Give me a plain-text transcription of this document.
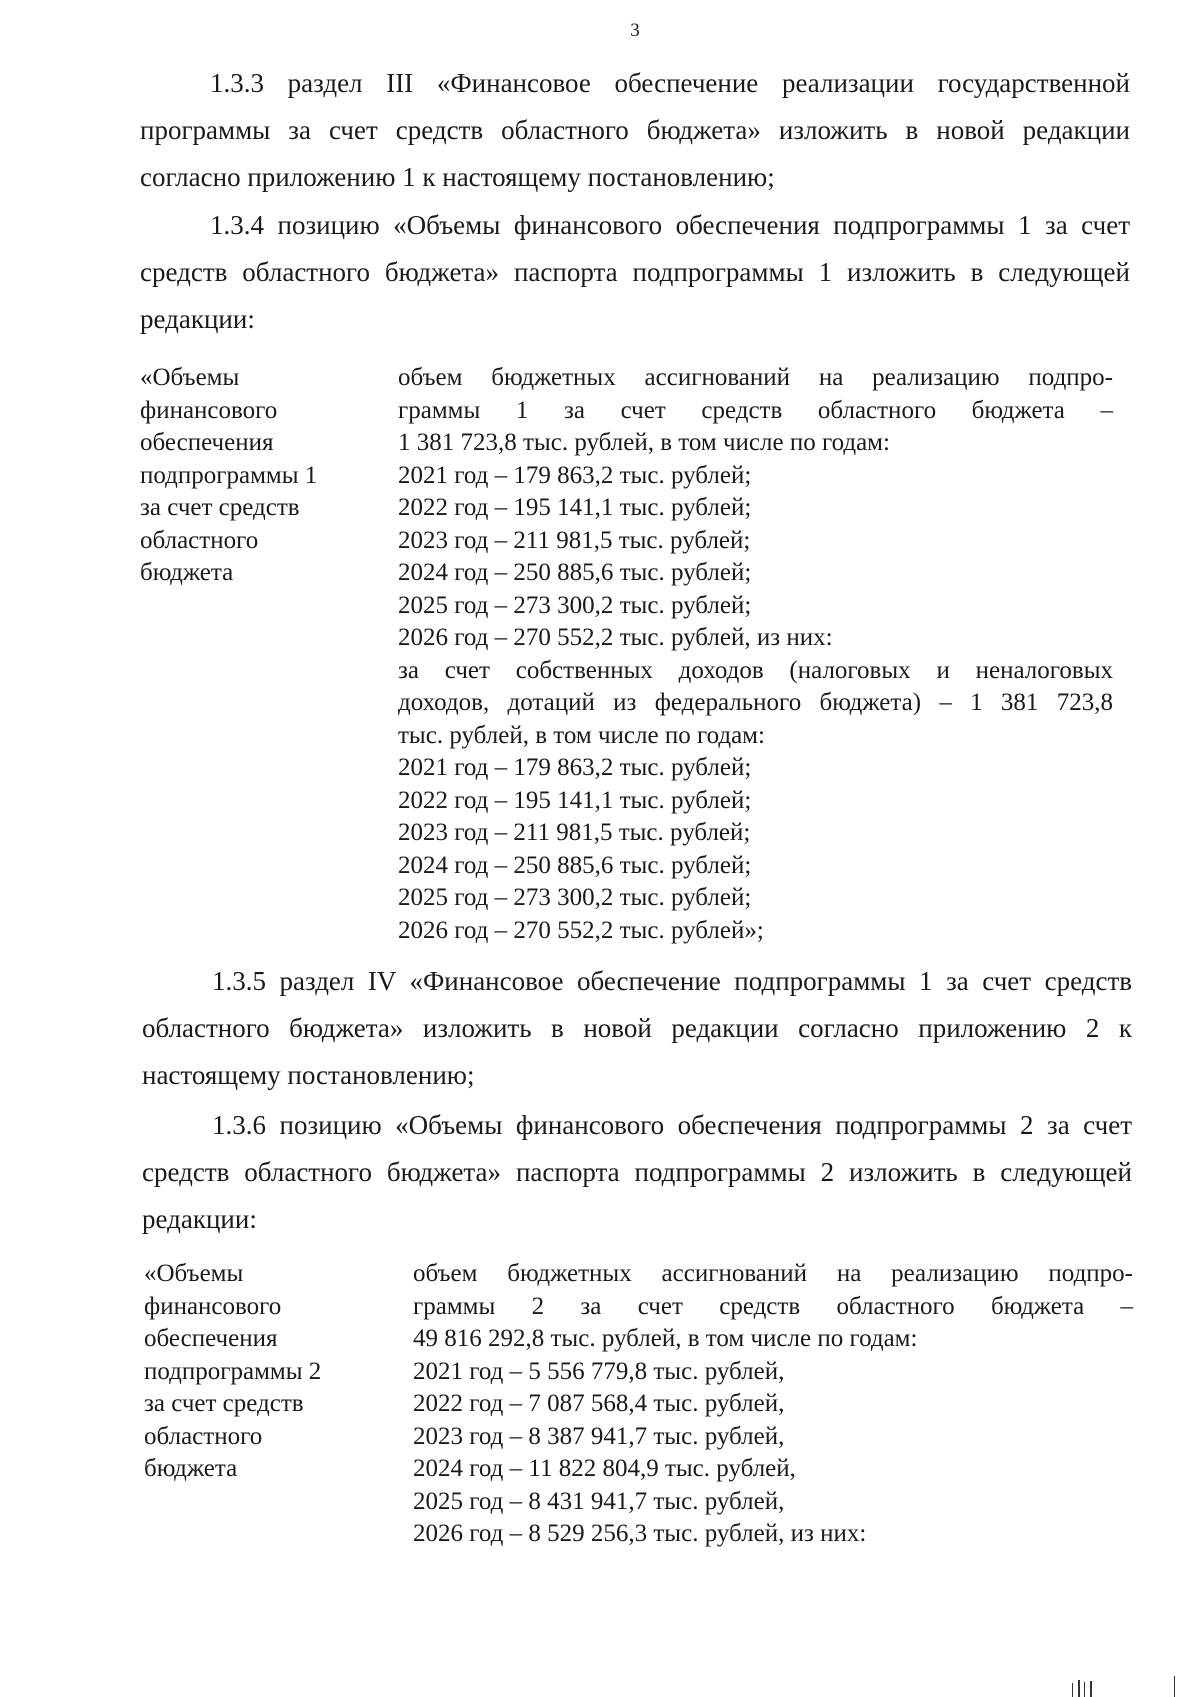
3

1.3.3 раздел III «Финансовое обеспечение реализации государственной программы за счет средств областного бюджета» изложить в новой редакции согласно приложению 1 к настоящему постановлению;

1.3.4 позицию «Объемы финансового обеспечения подпрограммы 1 за счет средств областного бюджета» паспорта подпрограммы 1 изложить в следующей редакции:

«Объемы
финансового
обеспечения
подпрограммы 1
за счет средств
областного
бюджета
объем бюджетных ассигнований на реализацию подпро-
граммы 1 за счет средств областного бюджета –
1 381 723,8 тыс. рублей, в том числе по годам:
2021 год – 179 863,2 тыс. рублей;
2022 год – 195 141,1 тыс. рублей;
2023 год – 211 981,5 тыс. рублей;
2024 год – 250 885,6 тыс. рублей;
2025 год – 273 300,2 тыс. рублей;
2026 год – 270 552,2 тыс. рублей, из них:
за счет собственных доходов (налоговых и неналоговых
доходов, дотаций из федерального бюджета) – 1 381 723,8
тыс. рублей, в том числе по годам:
2021 год – 179 863,2 тыс. рублей;
2022 год – 195 141,1 тыс. рублей;
2023 год – 211 981,5 тыс. рублей;
2024 год – 250 885,6 тыс. рублей;
2025 год – 273 300,2 тыс. рублей;
2026 год – 270 552,2 тыс. рублей»;

1.3.5 раздел IV «Финансовое обеспечение подпрограммы 1 за счет средств областного бюджета» изложить в новой редакции согласно приложению 2 к настоящему постановлению;

1.3.6 позицию «Объемы финансового обеспечения подпрограммы 2 за счет средств областного бюджета» паспорта подпрограммы 2 изложить в следующей редакции:

«Объемы
финансового
обеспечения
подпрограммы 2
за счет средств
областного
бюджета
объем бюджетных ассигнований на реализацию подпро-
граммы 2 за счет средств областного бюджета –
49 816 292,8 тыс. рублей, в том числе по годам:
2021 год – 5 556 779,8 тыс. рублей,
2022 год – 7 087 568,4 тыс. рублей,
2023 год – 8 387 941,7 тыс. рублей,
2024 год – 11 822 804,9 тыс. рублей,
2025 год – 8 431 941,7 тыс. рублей,
2026 год – 8 529 256,3 тыс. рублей, из них:
